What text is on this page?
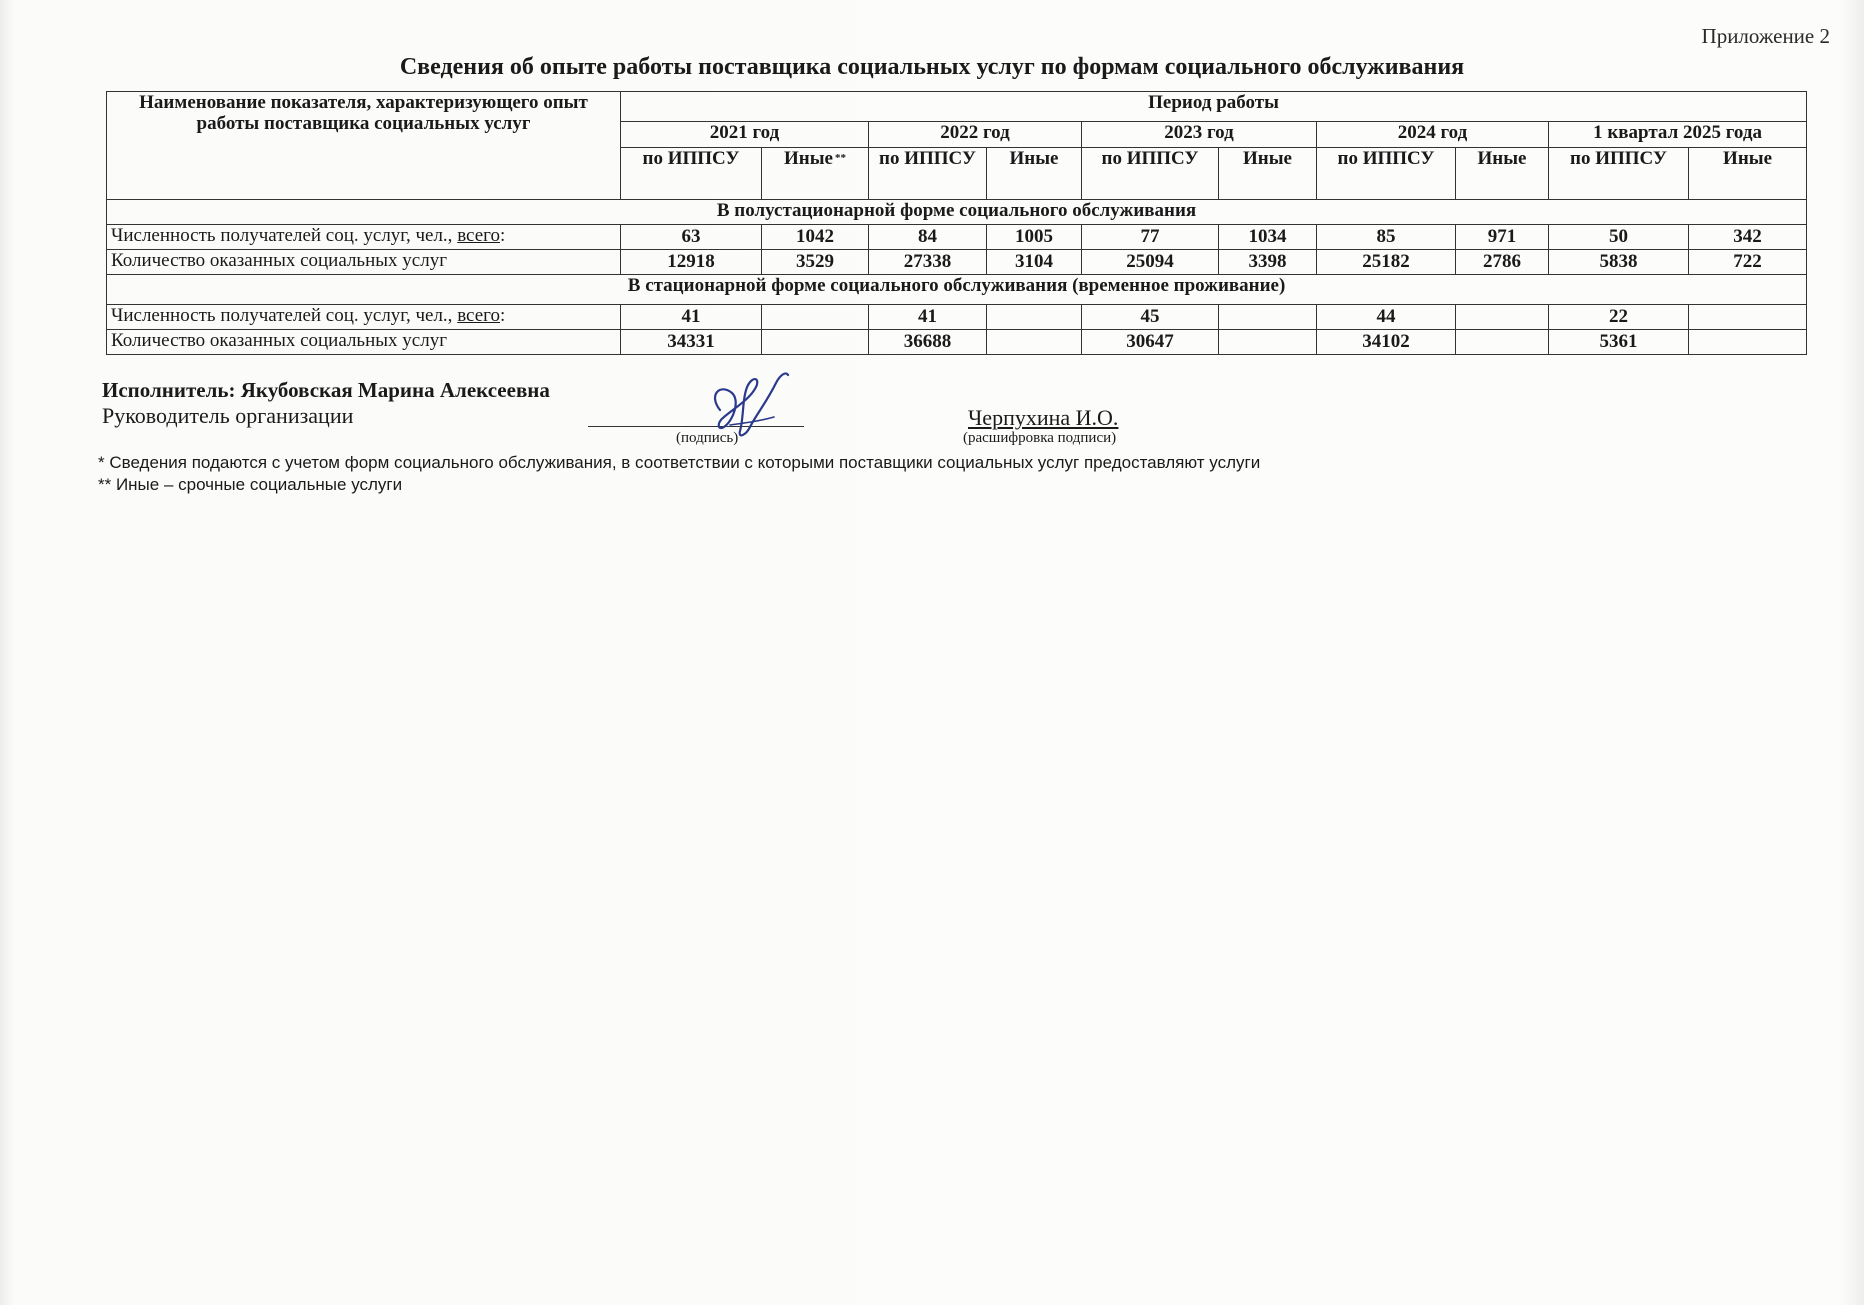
Приложение 2
Сведения об опыте работы поставщика социальных услуг по формам социального обслуживания
Наименование показателя, характеризующего опыт работы поставщика социальных услуг	Период работы									
	2021 год		2022 год		2023 год		2024 год		1 квартал 2025 года	
	по ИППСУ	Иные **	по ИППСУ	Иные	по ИППСУ	Иные	по ИППСУ	Иные	по ИППСУ	Иные
В полустационарной форме социального обслуживания										
Численность получателей соц. услуг, чел., всего:	63	1042	84	1005	77	1034	85	971	50	342
Количество оказанных социальных услуг	12918	3529	27338	3104	25094	3398	25182	2786	5838	722
В стационарной форме социального обслуживания (временное проживание)										
Численность получателей соц. услуг, чел., всего:	41		41		45		44		22	
Количество оказанных социальных услуг	34331		36688		30647		34102		5361	
Исполнитель: Якубовская Марина Алексеевна
Руководитель организации
(подпись)
Черпухина И.О.
(расшифровка подписи)
* Сведения подаются с учетом форм социального обслуживания, в соответствии с которыми поставщики социальных услуг предоставляют услуги
** Иные – срочные социальные услуги
